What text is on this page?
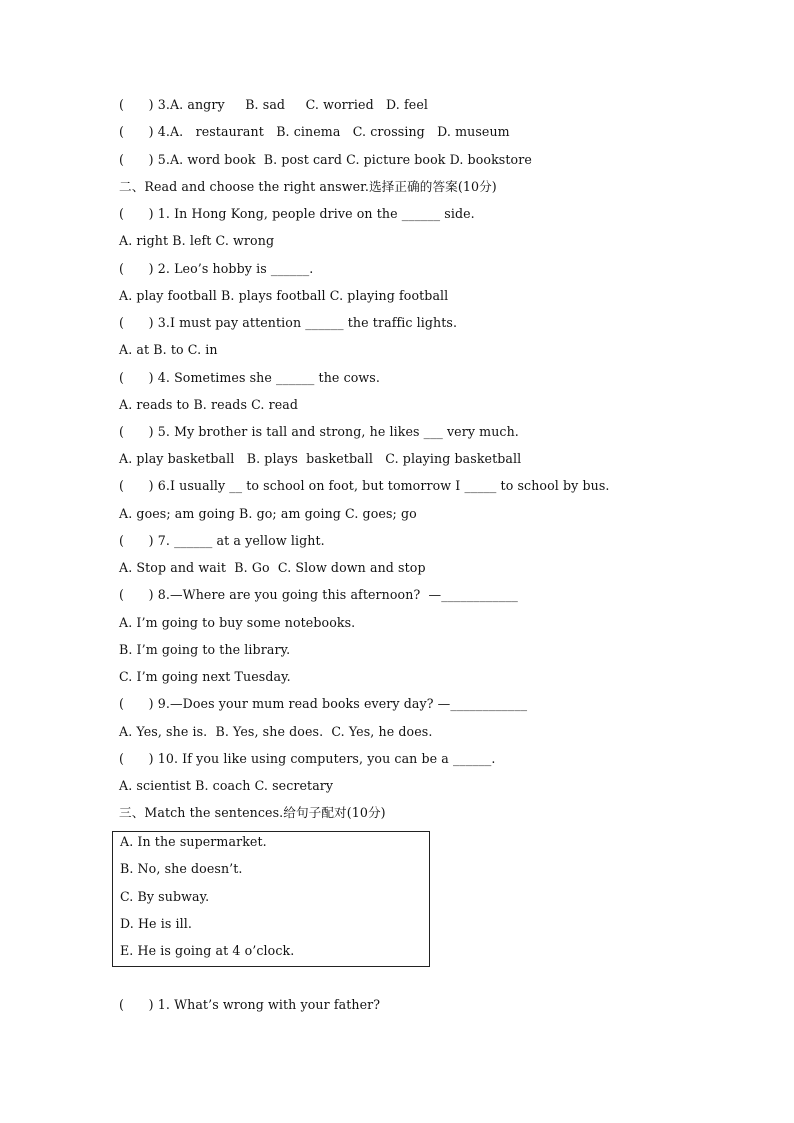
(      ) 3.A. angry     B. sad     C. worried   D. feel
(      ) 4.A.   restaurant   B. cinema   C. crossing   D. museum
(      ) 5.A. word book  B. post card C. picture book D. bookstore
二、Read and choose the right answer.选择正确的答案(10分)
(      ) 1. In Hong Kong, people drive on the ______ side.
A. right B. left C. wrong
(      ) 2. Leo’s hobby is ______.
A. play football B. plays football C. playing football
(      ) 3.I must pay attention ______ the traffic lights.
A. at B. to C. in
(      ) 4. Sometimes she ______ the cows.
A. reads to B. reads C. read
(      ) 5. My brother is tall and strong, he likes ___ very much.
A. play basketball   B. plays  basketball   C. playing basketball
(      ) 6.I usually __ to school on foot, but tomorrow I _____ to school by bus.
A. goes; am going B. go; am going C. goes; go
(      ) 7. ______ at a yellow light.
A. Stop and wait  B. Go  C. Slow down and stop
(      ) 8.—Where are you going this afternoon?  —____________
A. I’m going to buy some notebooks.
B. I’m going to the library.
C. I’m going next Tuesday.
(      ) 9.—Does your mum read books every day? —____________
A. Yes, she is.  B. Yes, she does.  C. Yes, he does.
(      ) 10. If you like using computers, you can be a ______.
A. scientist B. coach C. secretary
三、Match the sentences.给句子配对(10分)
A. In the supermarket.
B. No, she doesn’t.
C. By subway.
D. He is ill.
E. He is going at 4 o’clock.
(      ) 1. What’s wrong with your father?
